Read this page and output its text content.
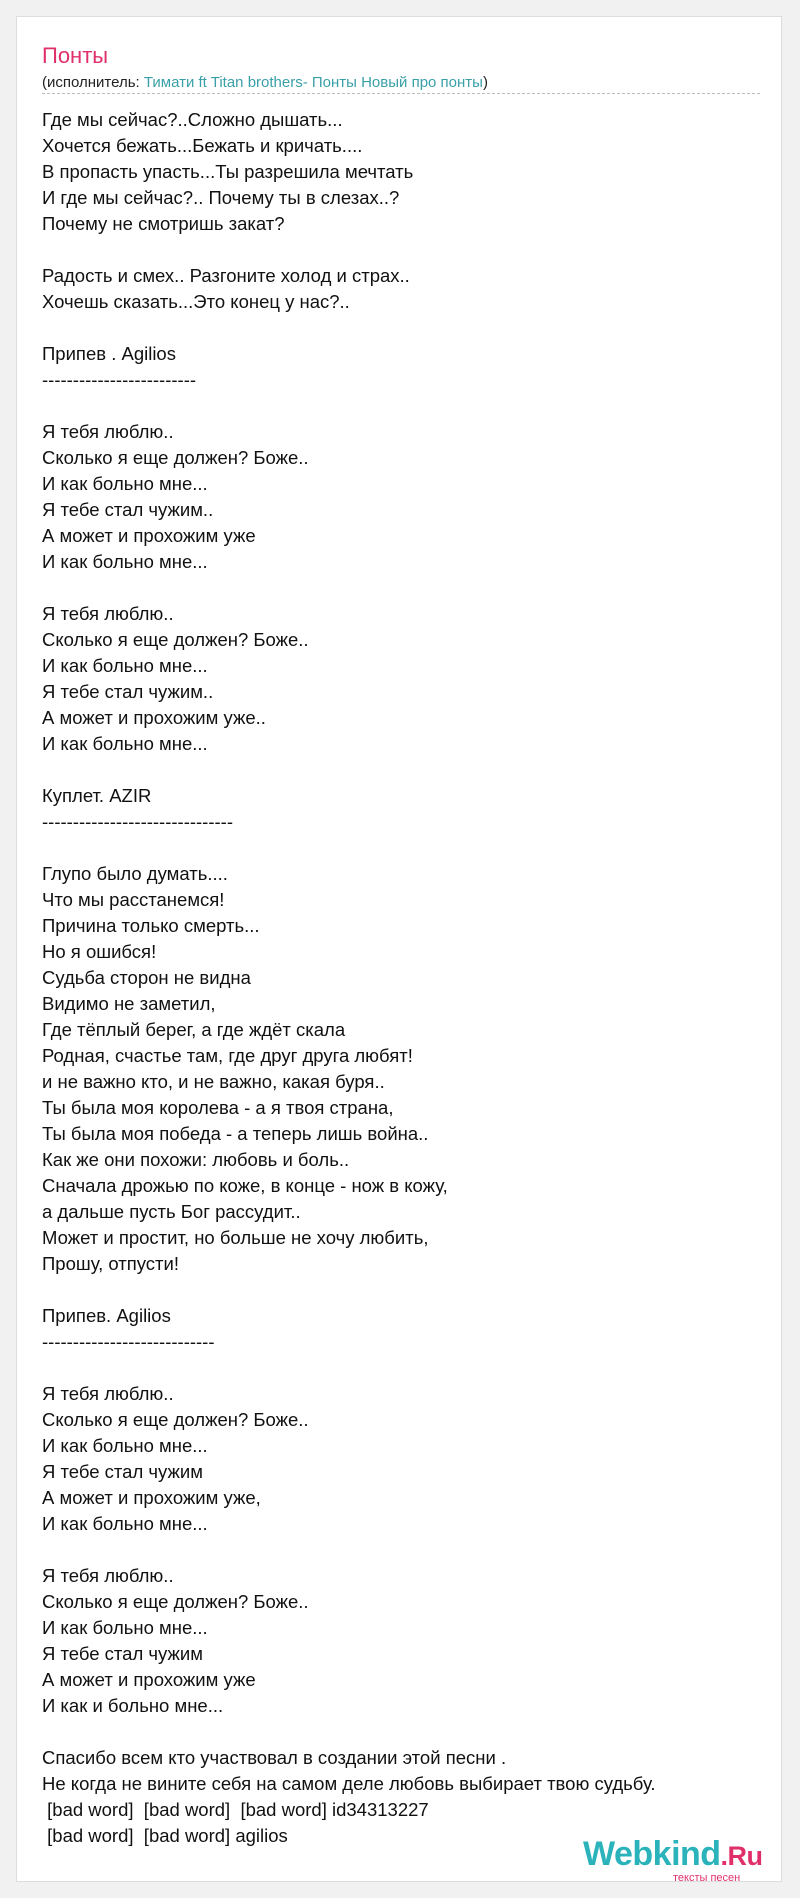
Понты
(исполнитель: Тимати ft Titan brothers- Понты Новый про понты)
Где мы сейчас?..Сложно дышать...
Хочется бежать...Бежать и кричать....
В пропасть упасть...Ты разрешила мечтать
И где мы сейчас?.. Почему ты в слезах..?
Почему не смотришь закат?
Радость и смех.. Разгоните холод и страх..
Хочешь сказать...Это конец у нас?..
Припев . Agilios
-------------------------
Я тебя люблю..
Сколько я еще должен? Боже..
И как больно мне...
Я тебе стал чужим..
А может и прохожим уже
И как больно мне...
Я тебя люблю..
Сколько я еще должен? Боже..
И как больно мне...
Я тебе стал чужим..
А может и прохожим уже..
И как больно мне...
Куплет. AZIR
-------------------------------
Глупо было думать....
Что мы расстанемся!
Причина только смерть...
Но я ошибся!
Судьба сторон не видна
Видимо не заметил,
Где тёплый берег, а где ждёт скала
Родная, счастье там, где друг друга любят!
и не важно кто, и не важно, какая буря..
Ты была моя королева - а я твоя страна,
Ты была моя победа - а теперь лишь война..
Как же они похожи: любовь и боль..
Сначала дрожью по коже, в конце - нож в кожу,
а дальше пусть Бог рассудит..
Может и простит, но больше не хочу любить,
Прошу, отпусти!
Припев. Agilios
----------------------------
Я тебя люблю..
Сколько я еще должен? Боже..
И как больно мне...
Я тебе стал чужим
А может и прохожим уже,
И как больно мне...
Я тебя люблю..
Сколько я еще должен? Боже..
И как больно мне...
Я тебе стал чужим
А может и прохожим уже
И как и больно мне...
Спасибо всем кто участвовал в создании этой песни .
Не когда не вините себя на самом деле любовь выбирает твою судьбу.
[bad word]  [bad word]  [bad word] id34313227
[bad word]  [bad word] agilios	Webkind.Ru
тексты песен
